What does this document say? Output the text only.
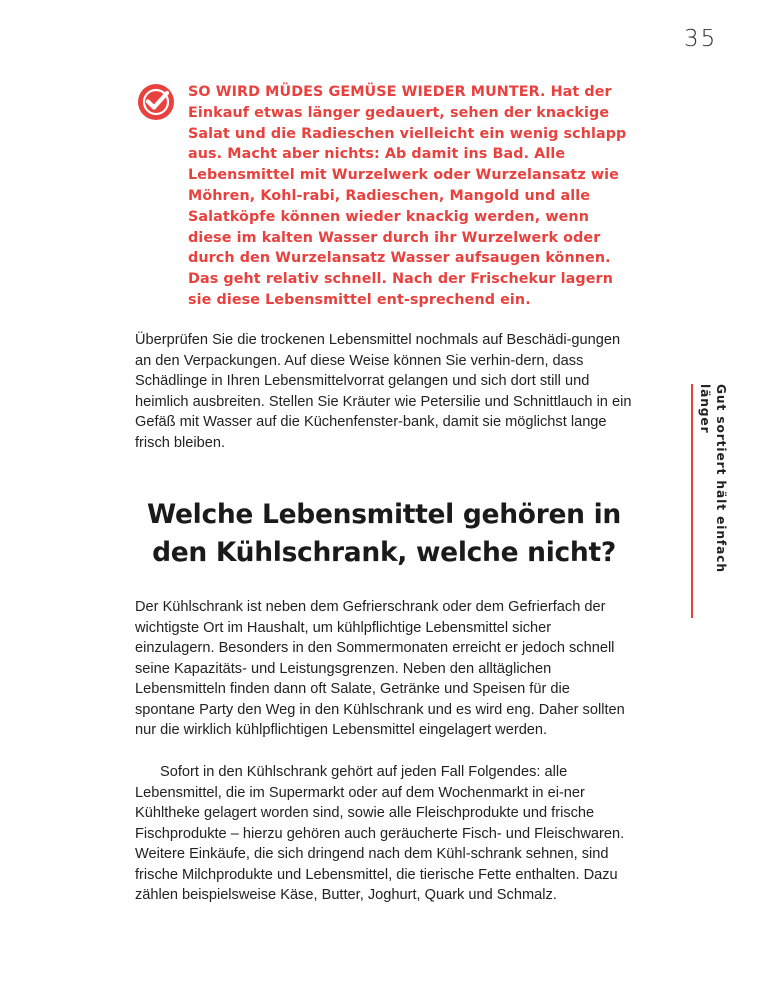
35

SO WIRD MÜDES GEMÜSE WIEDER MUNTER. Hat der Einkauf etwas länger gedauert, sehen der knackige Salat und die Radieschen vielleicht ein wenig schlapp aus. Macht aber nichts: Ab damit ins Bad. Alle Lebensmittel mit Wurzelwerk oder Wurzelansatz wie Möhren, Kohl-rabi, Radieschen, Mangold und alle Salatköpfe können wieder knackig werden, wenn diese im kalten Wasser durch ihr Wurzelwerk oder durch den Wurzelansatz Wasser aufsaugen können. Das geht relativ schnell. Nach der Frischekur lagern sie diese Lebensmittel ent-sprechend ein.

Überprüfen Sie die trockenen Lebensmittel nochmals auf Beschädi-gungen an den Verpackungen. Auf diese Weise können Sie verhin-dern, dass Schädlinge in Ihren Lebensmittelvorrat gelangen und sich dort still und heimlich ausbreiten. Stellen Sie Kräuter wie Petersilie und Schnittlauch in ein Gefäß mit Wasser auf die Küchenfenster-bank, damit sie möglichst lange frisch bleiben.

Welche Lebensmittel gehören in den Kühlschrank, welche nicht?

Der Kühlschrank ist neben dem Gefrierschrank oder dem Gefrierfach der wichtigste Ort im Haushalt, um kühlpflichtige Lebensmittel sicher einzulagern. Besonders in den Sommermonaten erreicht er jedoch schnell seine Kapazitäts- und Leistungsgrenzen. Neben den alltäglichen Lebensmitteln finden dann oft Salate, Getränke und Speisen für die spontane Party den Weg in den Kühlschrank und es wird eng. Daher sollten nur die wirklich kühlpflichtigen Lebensmittel eingelagert werden.

Sofort in den Kühlschrank gehört auf jeden Fall Folgendes: alle Lebensmittel, die im Supermarkt oder auf dem Wochenmarkt in ei-ner Kühltheke gelagert worden sind, sowie alle Fleischprodukte und frische Fischprodukte – hierzu gehören auch geräucherte Fisch- und Fleischwaren. Weitere Einkäufe, die sich dringend nach dem Kühl-schrank sehnen, sind frische Milchprodukte und Lebensmittel, die tierische Fette enthalten. Dazu zählen beispielsweise Käse, Butter, Joghurt, Quark und Schmalz.

Gut sortiert hält einfach länger
